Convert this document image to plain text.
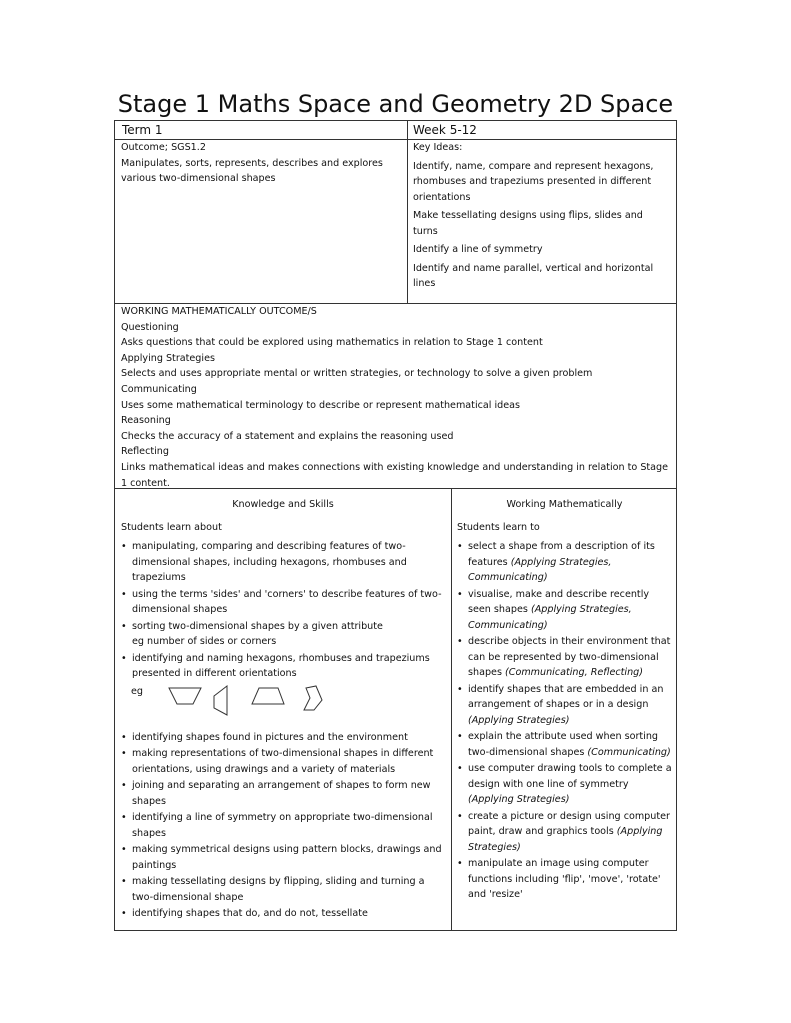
Stage 1 Maths Space and Geometry 2D Space
Term 1	Week 5-12
Outcome; SGS1.2
Manipulates, sorts, represents, describes and explores various two-dimensional shapes
Key Ideas:
Identify, name, compare and represent hexagons, rhombuses and trapeziums presented in different orientations
Make tessellating designs using flips, slides and turns
Identify a line of symmetry
Identify and name parallel, vertical and horizontal lines
WORKING MATHEMATICALLY OUTCOME/S
Questioning
Asks questions that could be explored using mathematics in relation to Stage 1 content
Applying Strategies
Selects and uses appropriate mental or written strategies, or technology to solve a given problem
Communicating
Uses some mathematical terminology to describe or represent mathematical ideas
Reasoning
Checks the accuracy of a statement and explains the reasoning used
Reflecting
Links mathematical ideas and makes connections with existing knowledge and understanding in relation to Stage 1 content.
Knowledge and Skills
Students learn about
• manipulating, comparing and describing features of two-dimensional shapes, including hexagons, rhombuses and trapeziums
• using the terms 'sides' and 'corners' to describe features of two-dimensional shapes
• sorting two-dimensional shapes by a given attribute
eg number of sides or corners
• identifying and naming hexagons, rhombuses and trapeziums presented in different orientations
eg
• identifying shapes found in pictures and the environment
• making representations of two-dimensional shapes in different orientations, using drawings and a variety of materials
• joining and separating an arrangement of shapes to form new shapes
• identifying a line of symmetry on appropriate two-dimensional shapes
• making symmetrical designs using pattern blocks, drawings and paintings
• making tessellating designs by flipping, sliding and turning a two-dimensional shape
• identifying shapes that do, and do not, tessellate
Working Mathematically
Students learn to
• select a shape from a description of its features (Applying Strategies, Communicating)
• visualise, make and describe recently seen shapes (Applying Strategies, Communicating)
• describe objects in their environment that can be represented by two-dimensional shapes (Communicating, Reflecting)
• identify shapes that are embedded in an arrangement of shapes or in a design (Applying Strategies)
• explain the attribute used when sorting two-dimensional shapes (Communicating)
• use computer drawing tools to complete a design with one line of symmetry (Applying Strategies)
• create a picture or design using computer paint, draw and graphics tools (Applying Strategies)
• manipulate an image using computer functions including 'flip', 'move', 'rotate' and 'resize'
